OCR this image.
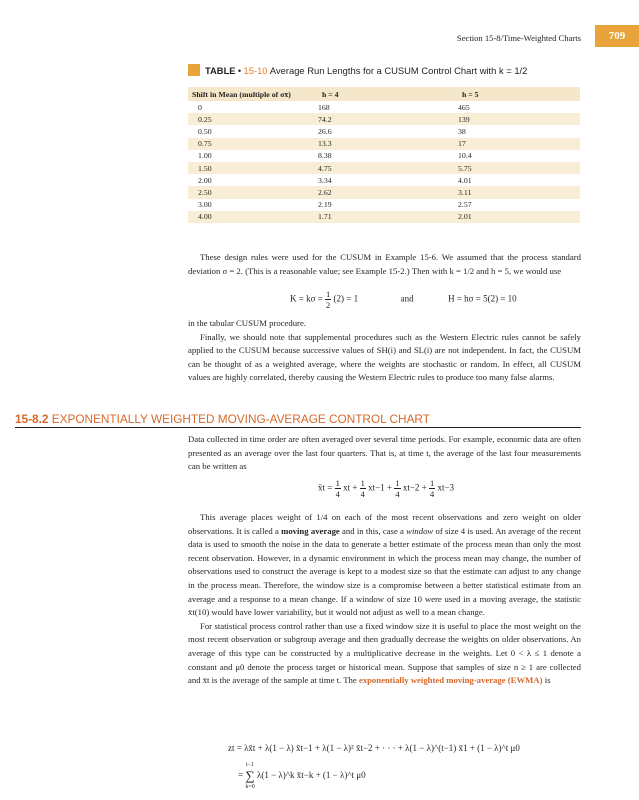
Section 15-8/Time-Weighted Charts	709
TABLE • 15-10 Average Run Lengths for a CUSUM Control Chart with k = 1/2
Shift in Mean (multiple of σx̄)	h = 4	h = 5
0	168	465
0.25	74.2	139
0.50	26.6	38
0.75	13.3	17
1.00	8.38	10.4
1.50	4.75	5.75
2.00	3.34	4.01
2.50	2.62	3.11
3.00	2.19	2.57
4.00	1.71	2.01

These design rules were used for the CUSUM in Example 15-6. We assumed that the process standard deviation σ = 2. (This is a reasonable value; see Example 15-2.) Then with k = 1/2 and h = 5, we would use

$K = k\sigma = \frac{1}{2} (2) = 1$	and	H = hσ = 5(2) = 10

in the tabular CUSUM procedure.

Finally, we should note that supplemental procedures such as the Western Electric rules cannot be safely applied to the CUSUM because successive values of SH(i) and SL(i) are not independent. In fact, the CUSUM can be thought of as a weighted average, where the weights are stochastic or random. In effect, all CUSUM values are highly correlated, thereby causing the Western Electric rules to produce too many false alarms.

15-8.2 EXPONENTIALLY WEIGHTED MOVING-AVERAGE CONTROL CHART

Data collected in time order are often averaged over several time periods. For example, economic data are often presented as an average over the last four quarters. That is, at time t, the average of the last four measurements can be written as

x̄t = $\frac{1}{4}$ xt + $\frac{1}{4} xt-1 + \frac{1}{4} xt-2 + \frac{1}{4} xt-3$

This average places weight of 1/4 on each of the most recent observations and zero weight on older observations. It is called a moving average and in this, case a window of size 4 is used. An average of the recent data is used to smooth the noise in the data to generate a better estimate of the process mean than only the most recent observation. However, in a dynamic environment in which the process mean may change, the number of observations used to construct the average is kept to a modest size so that the estimate can adjust to any change in the process mean. Therefore, the window size is a compromise between a better statistical estimate from an average and a response to a mean change. If a window of size 10 were used in a moving average, the statistic x̄t(10) would have lower variability, but it would not adjust as well to a mean change.

For statistical process control rather than use a fixed window size it is useful to place the most weight on the most recent observation or subgroup average and then gradually decrease the weights on older observations. An average of this type can be constructed by a multiplicative decrease in the weights. Let 0 < λ ≤ 1 denote a constant and μ0 denote the process target or historical mean. Suppose that samples of size n ≥ 1 are collected and x̄t is the average of the sample at time t. The exponentially weighted moving-average (EWMA) is

zt = λx̄t + λ(1 − λ) x̄t−1 + λ(1 − λ)² x̄t−2 + · · · + λ(1 − λ)^(t−1) x̄1 + (1 − λ)^t μ0
=
t−1
∑
k=0
λ(1 − λ)^k x̄t−k + (1 − λ)^t μ0
